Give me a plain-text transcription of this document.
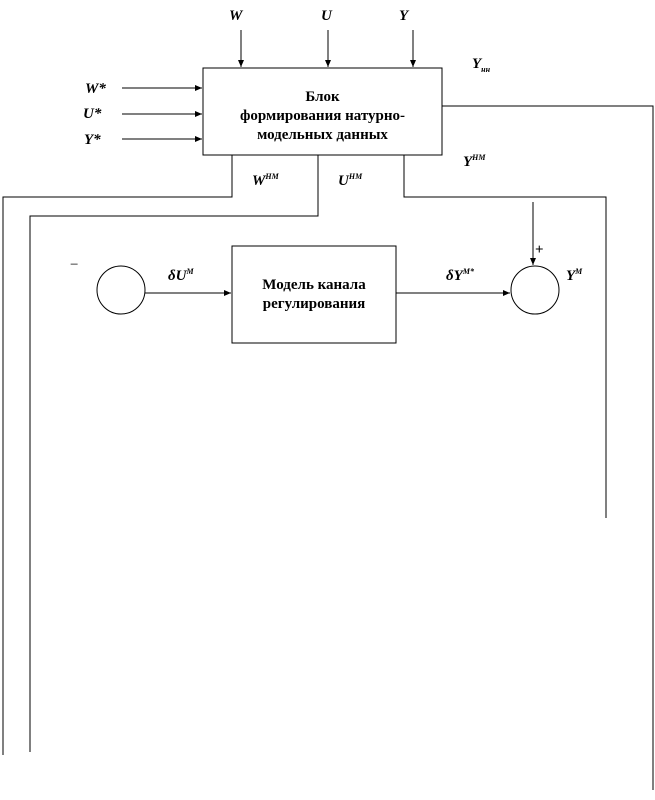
Блок
формирования натурно-
модельных данных
Модель канала
регулирования
W	U	Y
W*
U*
Y*
$Y_{нн}$
$W^{НМ}$	$U^{НМ}$
$Y^{НМ}$
$\delta U^М$	$\delta Y^{М*}$	$Y^М$
−
+
